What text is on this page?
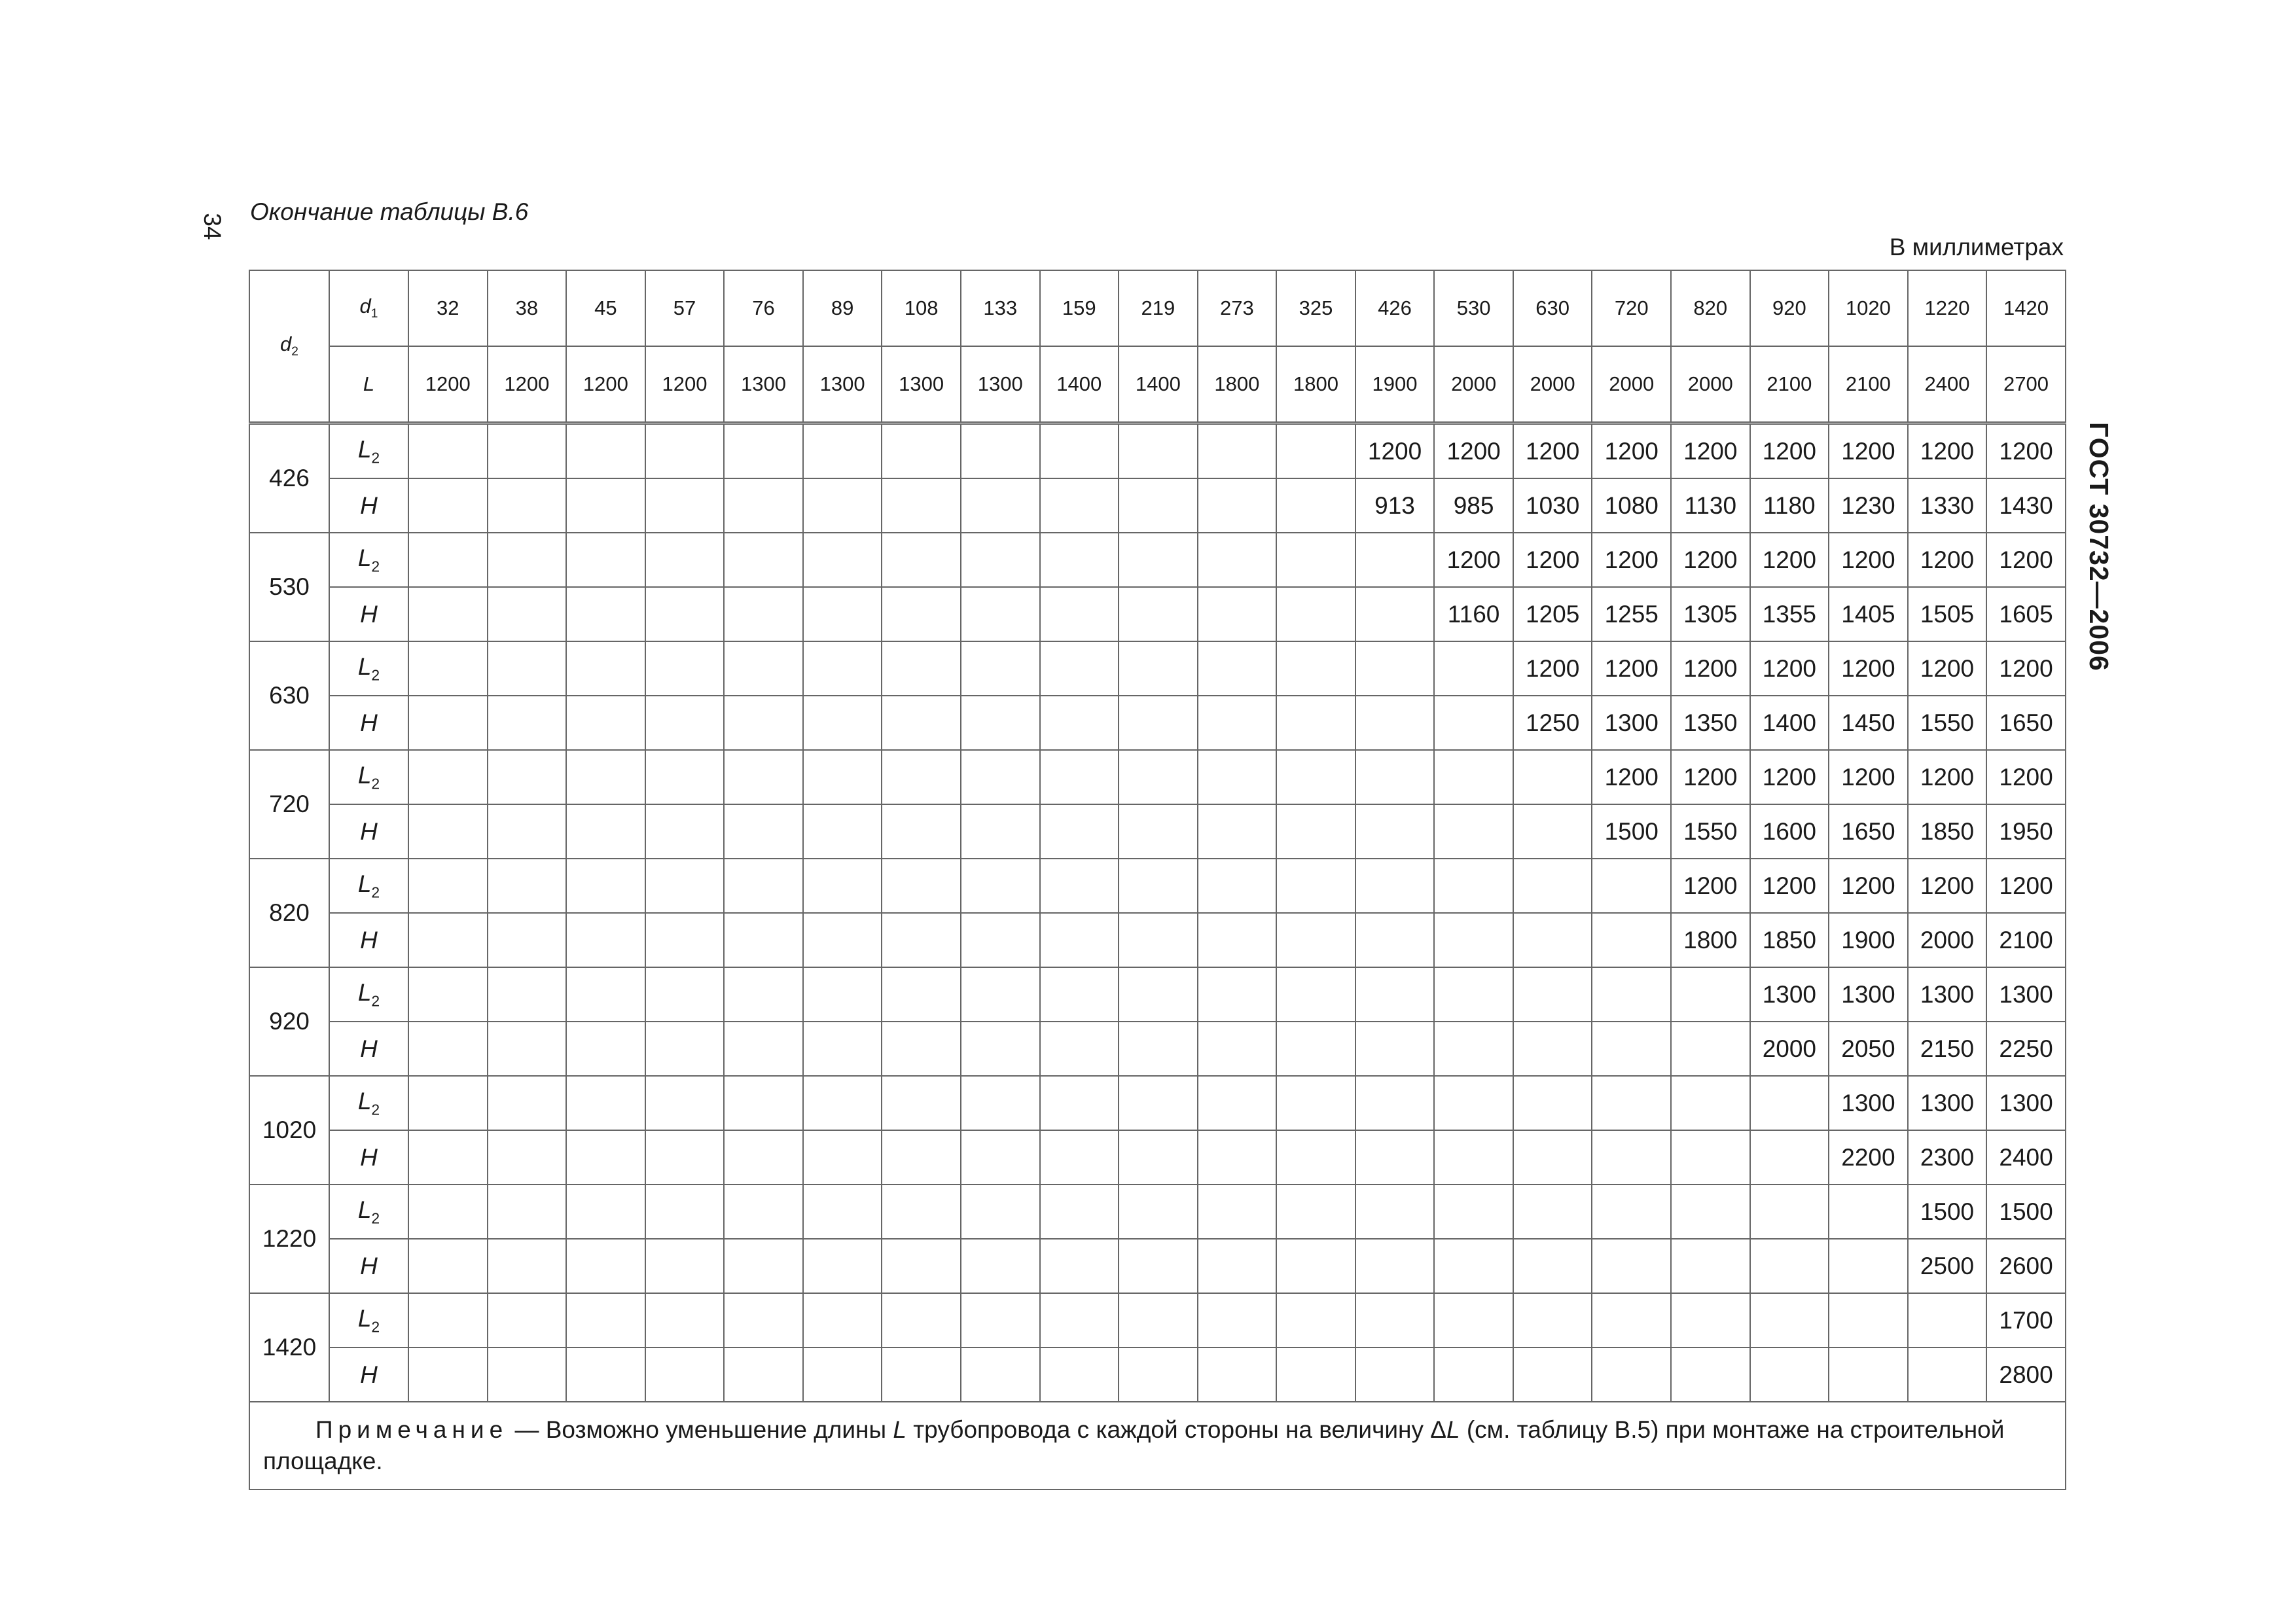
34
ГОСТ 30732—2006
Окончание таблицы В.6
В миллиметрах
$d_2$	$d_1$	32	38	45	57	76	89	108	133	159	219	273	325	426	530	630	720	820	920	1020	1220	1420
	L	1200	1200	1200	1200	1300	1300	1300	1300	1400	1400	1800	1800	1900	2000	2000	2000	2000	2100	2100	2400	2700
426	$L_2$													1200	1200	1200	1200	1200	1200	1200	1200	1200
	H													913	985	1030	1080	1130	1180	1230	1330	1430
530	$L_2$														1200	1200	1200	1200	1200	1200	1200	1200
	H														1160	1205	1255	1305	1355	1405	1505	1605
630	$L_2$															1200	1200	1200	1200	1200	1200	1200
	H															1250	1300	1350	1400	1450	1550	1650
720	$L_2$																1200	1200	1200	1200	1200	1200
	H																1500	1550	1600	1650	1850	1950
820	$L_2$																	1200	1200	1200	1200	1200
	H																	1800	1850	1900	2000	2100
920	$L_2$																		1300	1300	1300	1300
	H																		2000	2050	2150	2250
1020	$L_2$																			1300	1300	1300
	H																			2200	2300	2400
1220	$L_2$																				1500	1500
	H																				2500	2600
1420	$L_2$																					1700
	H																					2800
Примечание — Возможно уменьшение длины L трубопровода с каждой стороны на величину ΔL (см. таблицу В.5) при монтаже на строительной площадке.																						
